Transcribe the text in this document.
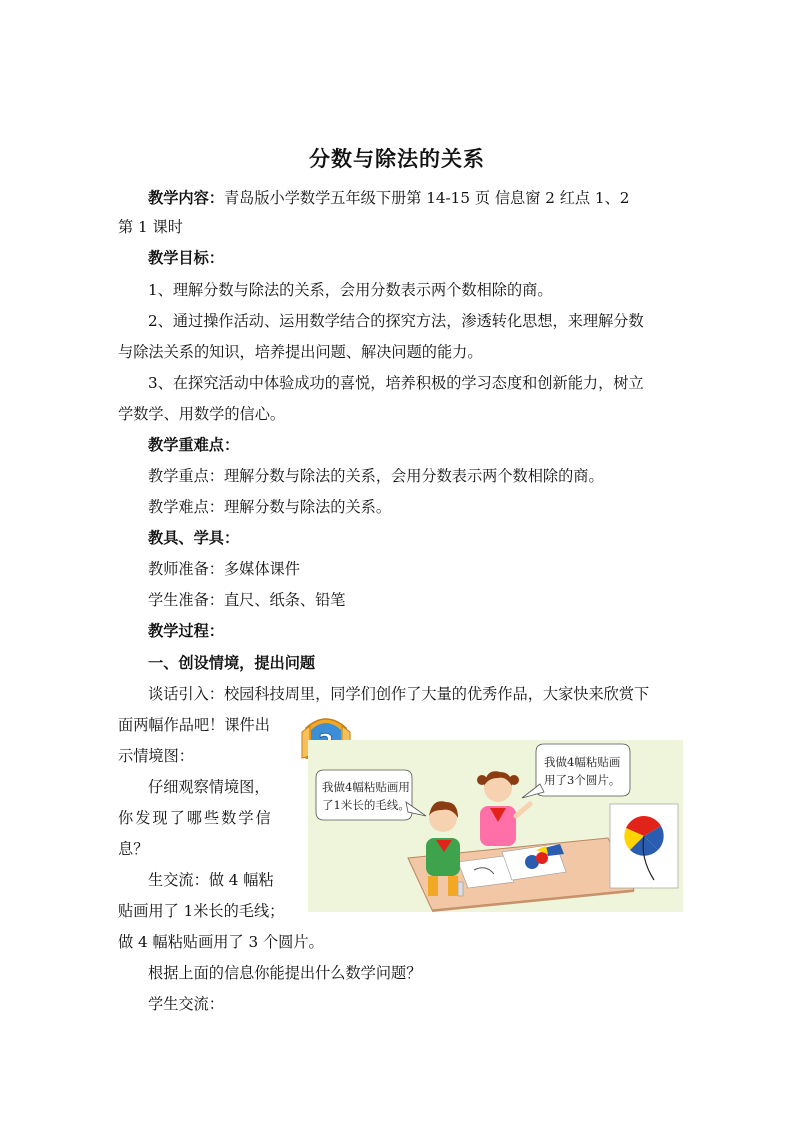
分数与除法的关系
教学内容：青岛版小学数学五年级下册第 14-15 页 信息窗 2 红点 1、2
第 1 课时
教学目标：
1、理解分数与除法的关系，会用分数表示两个数相除的商。
2、通过操作活动、运用数学结合的探究方法，渗透转化思想，来理解分数
与除法关系的知识，培养提出问题、解决问题的能力。
3、在探究活动中体验成功的喜悦，培养积极的学习态度和创新能力，树立
学数学、用数学的信心。
教学重难点：
教学重点：理解分数与除法的关系，会用分数表示两个数相除的商。
教学难点：理解分数与除法的关系。
教具、学具：
教师准备：多媒体课件
学生准备：直尺、纸条、铅笔
教学过程：
一、创设情境，提出问题
谈话引入：校园科技周里，同学们创作了大量的优秀作品，大家快来欣赏下
面两幅作品吧！课件出
示情境图：
仔细观察情境图，
你发现了哪些数学信
息？
生交流：做 4 幅粘
贴画用了 1米长的毛线；
做 4 幅粘贴画用了 3 个圆片。
根据上面的信息你能提出什么数学问题？
学生交流：
我做4幅粘贴画用
了1米长的毛线。
我做4幅粘贴画
用了3个圆片。
